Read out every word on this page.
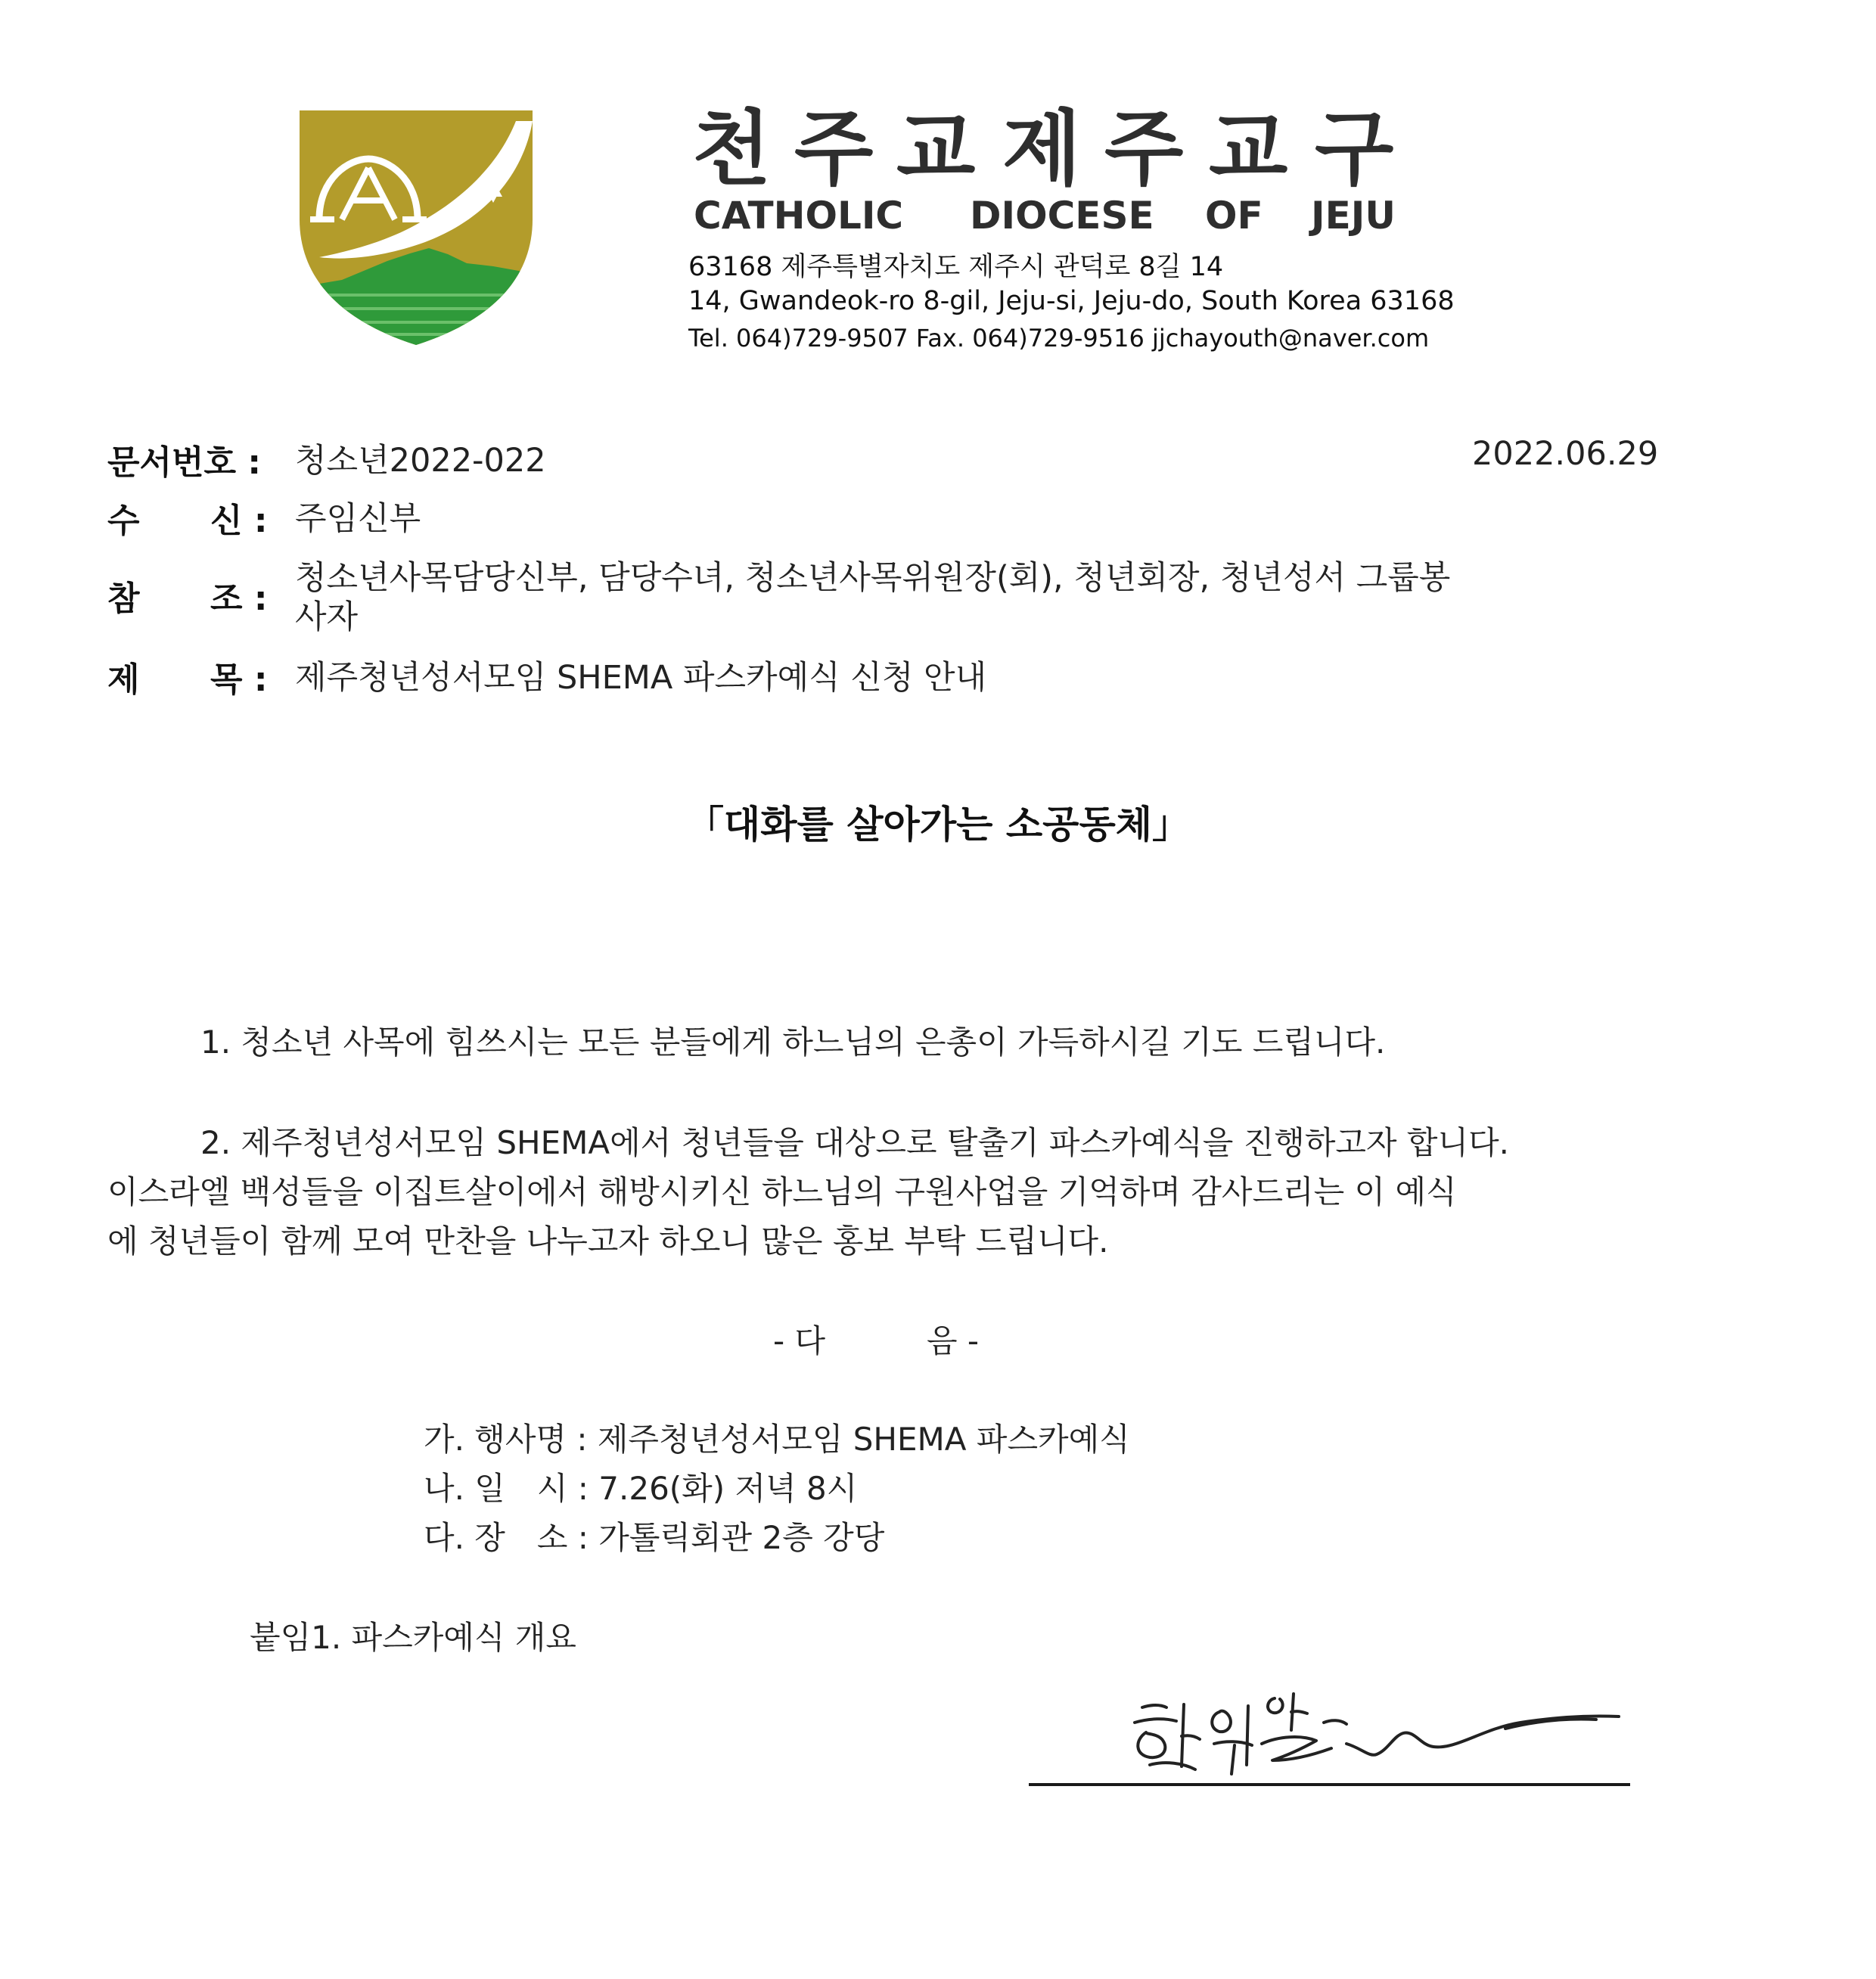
천 주 교 제 주 교 구
CATHOLIC DIOCESE OF JEJU
63168 제주특별자치도 제주시 관덕로 8길 14
14, Gwandeok-ro 8-gil, Jeju-si, Jeju-do, South Korea 63168
Tel. 064)729-9507 Fax. 064)729-9516 jjchayouth@naver.com
문서번호 : 청소년2022-022	2022.06.29
수 신 : 주임신부
참 조 :
청소년사목담당신부, 담당수녀, 청소년사목위원장(회), 청년회장, 청년성서 그룹봉
사자
제 목 : 제주청년성서모임 SHEMA 파스카예식 신청 안내
「대화를 살아가는 소공동체」
1. 청소년 사목에 힘쓰시는 모든 분들에게 하느님의 은총이 가득하시길 기도 드립니다.
2. 제주청년성서모임 SHEMA에서 청년들을 대상으로 탈출기 파스카예식을 진행하고자 합니다.
이스라엘 백성들을 이집트살이에서 해방시키신 하느님의 구원사업을 기억하며 감사드리는 이 예식
에 청년들이 함께 모여 만찬을 나누고자 하오니 많은 홍보 부탁 드립니다.
- 다	음 -
가. 행사명 : 제주청년성서모임 SHEMA 파스카예식
나. 일　시 : 7.26(화) 저녁 8시
다. 장　소 : 가톨릭회관 2층 강당
붙임1. 파스카예식 개요
